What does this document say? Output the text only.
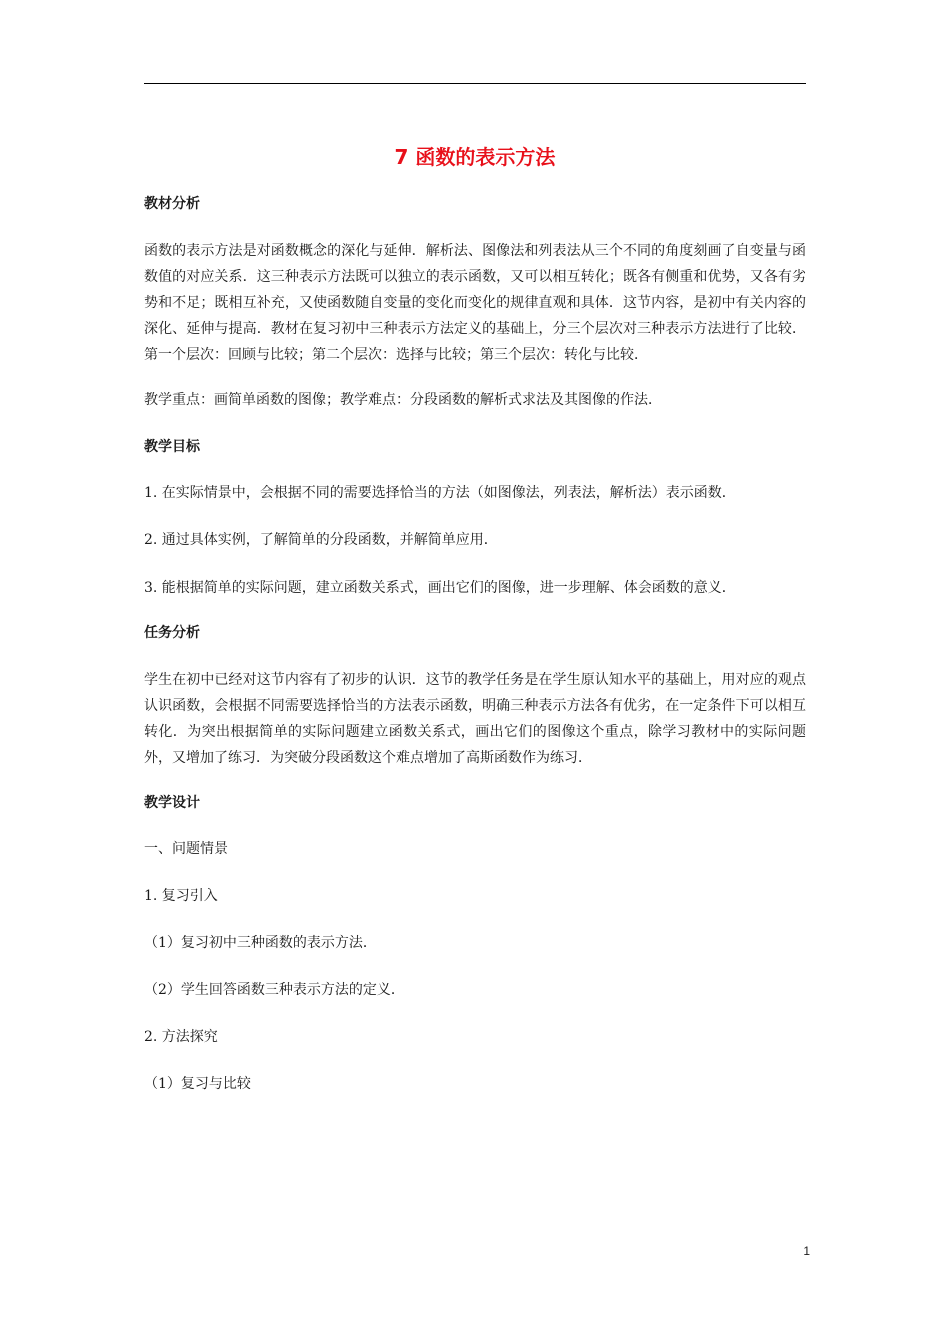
7 函数的表示方法
教材分析

函数的表示方法是对函数概念的深化与延伸．解析法、图像法和列表法从三个不同的角度刻画了自变量与函数值的对应关系．这三种表示方法既可以独立的表示函数，又可以相互转化；既各有侧重和优势，又各有劣势和不足；既相互补充，又使函数随自变量的变化而变化的规律直观和具体．这节内容，是初中有关内容的深化、延伸与提高．教材在复习初中三种表示方法定义的基础上，分三个层次对三种表示方法进行了比较．第一个层次：回顾与比较；第二个层次：选择与比较；第三个层次：转化与比较．

教学重点：画简单函数的图像；教学难点：分段函数的解析式求法及其图像的作法．

教学目标

1. 在实际情景中，会根据不同的需要选择恰当的方法（如图像法，列表法，解析法）表示函数．

2. 通过具体实例，了解简单的分段函数，并解简单应用．

3. 能根据简单的实际问题，建立函数关系式，画出它们的图像，进一步理解、体会函数的意义．

任务分析

学生在初中已经对这节内容有了初步的认识．这节的教学任务是在学生原认知水平的基础上，用对应的观点认识函数，会根据不同需要选择恰当的方法表示函数，明确三种表示方法各有优劣，在一定条件下可以相互转化．为突出根据简单的实际问题建立函数关系式，画出它们的图像这个重点，除学习教材中的实际问题外，又增加了练习．为突破分段函数这个难点增加了高斯函数作为练习．

教学设计

一、问题情景

1. 复习引入

（1）复习初中三种函数的表示方法．

（2）学生回答函数三种表示方法的定义．

2. 方法探究

（1）复习与比较

1
